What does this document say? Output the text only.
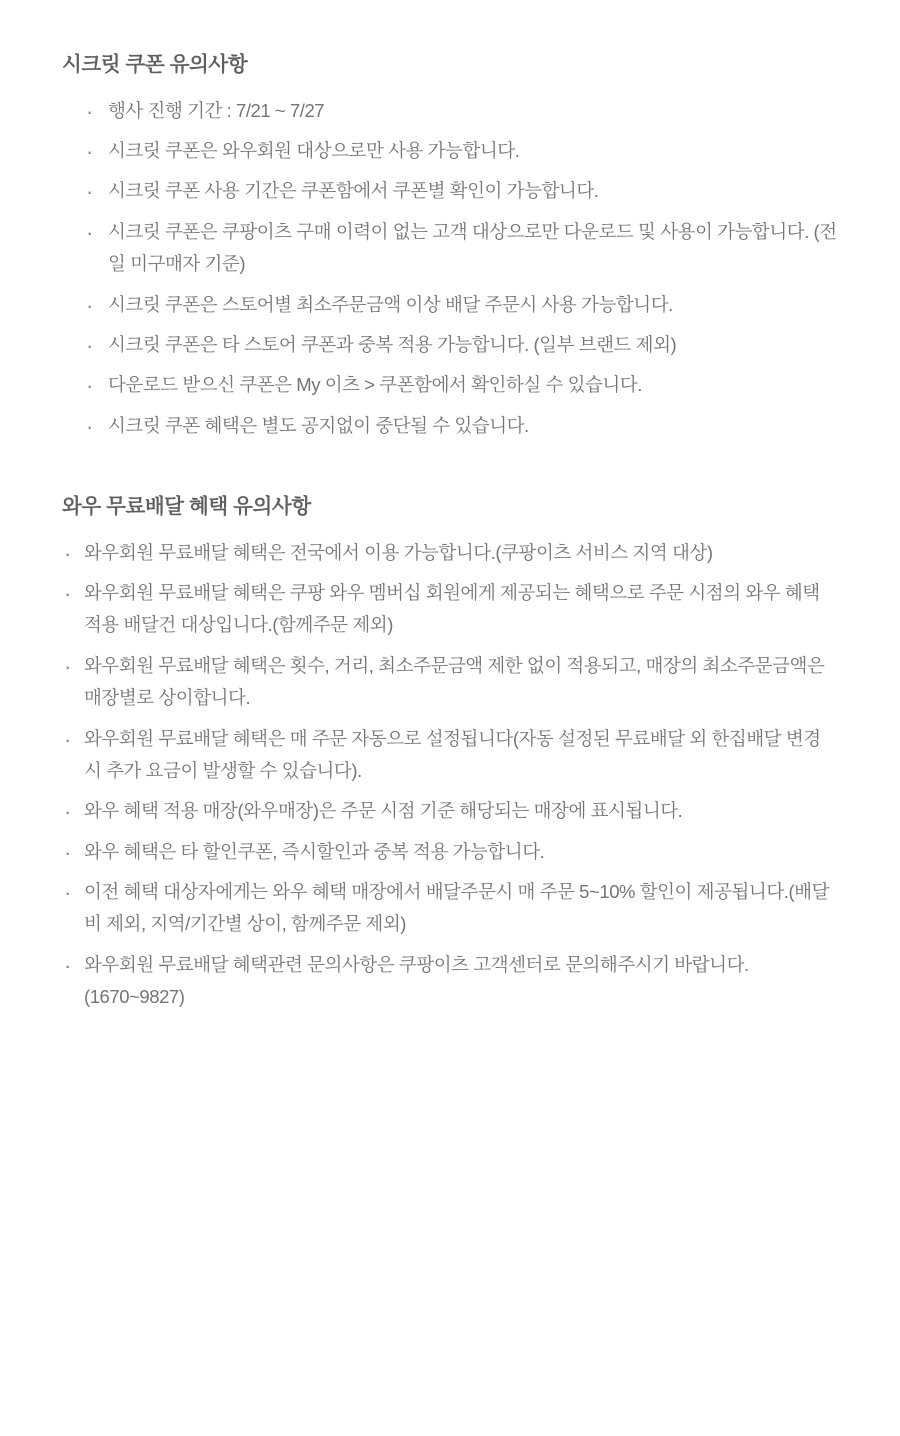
시크릿 쿠폰 유의사항
· 행사 진행 기간 : 7/21 ~ 7/27
· 시크릿 쿠폰은 와우회원 대상으로만 사용 가능합니다.
· 시크릿 쿠폰 사용 기간은 쿠폰함에서 쿠폰별 확인이 가능합니다.
· 시크릿 쿠폰은 쿠팡이츠 구매 이력이 없는 고객 대상으로만 다운로드 및 사용이 가능합니다. (전일 미구매자 기준)
· 시크릿 쿠폰은 스토어별 최소주문금액 이상 배달 주문시 사용 가능합니다.
· 시크릿 쿠폰은 타 스토어 쿠폰과 중복 적용 가능합니다. (일부 브랜드 제외)
· 다운로드 받으신 쿠폰은 My 이츠 > 쿠폰함에서 확인하실 수 있습니다.
· 시크릿 쿠폰 혜택은 별도 공지없이 중단될 수 있습니다.
와우 무료배달 혜택 유의사항
· 와우회원 무료배달 혜택은 전국에서 이용 가능합니다.(쿠팡이츠 서비스 지역 대상)
· 와우회원 무료배달 혜택은 쿠팡 와우 멤버십 회원에게 제공되는 혜택으로 주문 시점의 와우 혜택 적용 배달건 대상입니다.(함께주문 제외)
· 와우회원 무료배달 혜택은 횟수, 거리, 최소주문금액 제한 없이 적용되고, 매장의 최소주문금액은 매장별로 상이합니다.
· 와우회원 무료배달 혜택은 매 주문 자동으로 설정됩니다(자동 설정된 무료배달 외 한집배달 변경 시 추가 요금이 발생할 수 있습니다).
· 와우 혜택 적용 매장(와우매장)은 주문 시점 기준 해당되는 매장에 표시됩니다.
· 와우 혜택은 타 할인쿠폰, 즉시할인과 중복 적용 가능합니다.
· 이전 혜택 대상자에게는 와우 혜택 매장에서 배달주문시 매 주문 5~10% 할인이 제공됩니다.(배달비 제외, 지역/기간별 상이, 함께주문 제외)
· 와우회원 무료배달 혜택관련 문의사항은 쿠팡이츠 고객센터로 문의해주시기 바랍니다. (1670~9827)
